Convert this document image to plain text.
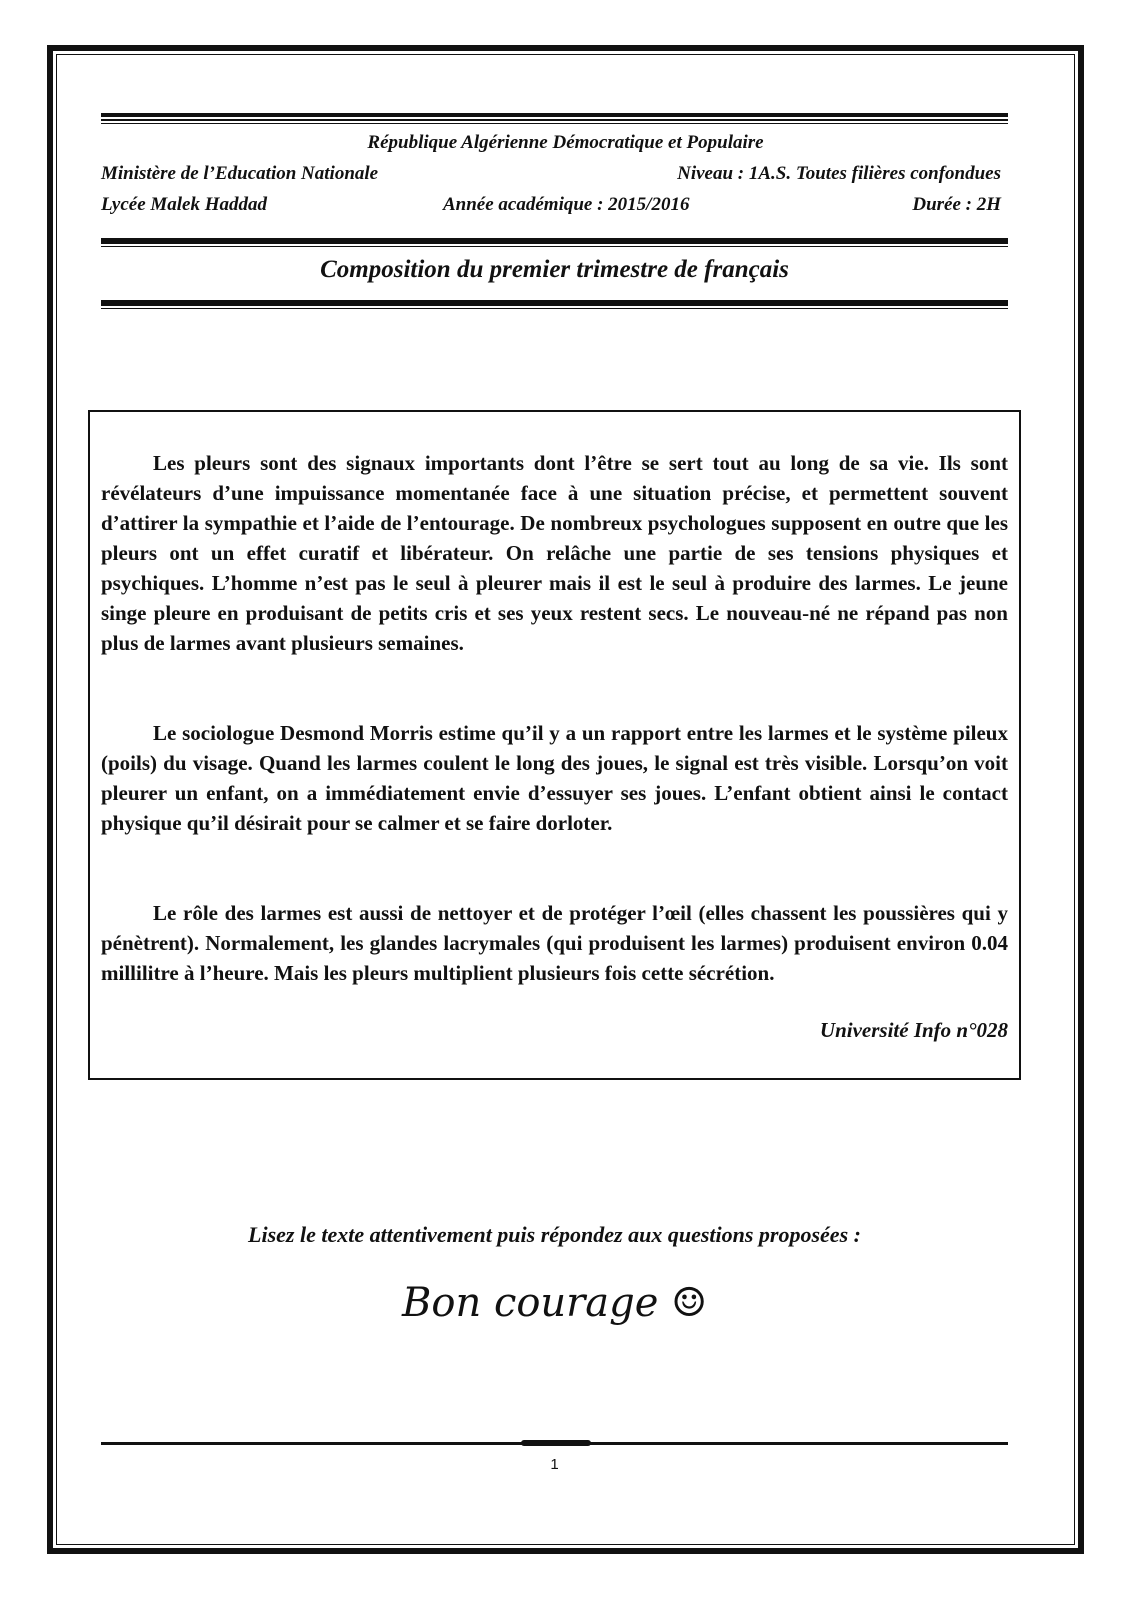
République Algérienne Démocratique et Populaire
Ministère de l’Education Nationale	Niveau : 1A.S. Toutes filières confondues
Lycée Malek Haddad	Année académique : 2015/2016	Durée : 2H
Composition du premier trimestre de français

Les pleurs sont des signaux importants dont l’être se sert tout au long de sa vie. Ils sont révélateurs d’une impuissance momentanée face à une situation précise, et permettent souvent d’attirer la sympathie et l’aide de l’entourage. De nombreux psychologues supposent en outre que les pleurs ont un effet curatif et libérateur. On relâche une partie de ses tensions physiques et psychiques. L’homme n’est pas le seul à pleurer mais il est le seul à produire des larmes. Le jeune singe pleure en produisant de petits cris et ses yeux restent secs. Le nouveau-né ne répand pas non plus de larmes avant plusieurs semaines.

Le sociologue Desmond Morris estime qu’il y a un rapport entre les larmes et le système pileux (poils) du visage. Quand les larmes coulent le long des joues, le signal est très visible. Lorsqu’on voit pleurer un enfant, on a immédiatement envie d’essuyer ses joues. L’enfant obtient ainsi le contact physique qu’il désirait pour se calmer et se faire dorloter.

Le rôle des larmes est aussi de nettoyer et de protéger l’œil (elles chassent les poussières qui y pénètrent). Normalement, les glandes lacrymales (qui produisent les larmes) produisent environ 0.04 millilitre à l’heure. Mais les pleurs multiplient plusieurs fois cette sécrétion.

Université Info n°028
Lisez le texte attentivement puis répondez aux questions proposées :
Bon courage ☺
1
